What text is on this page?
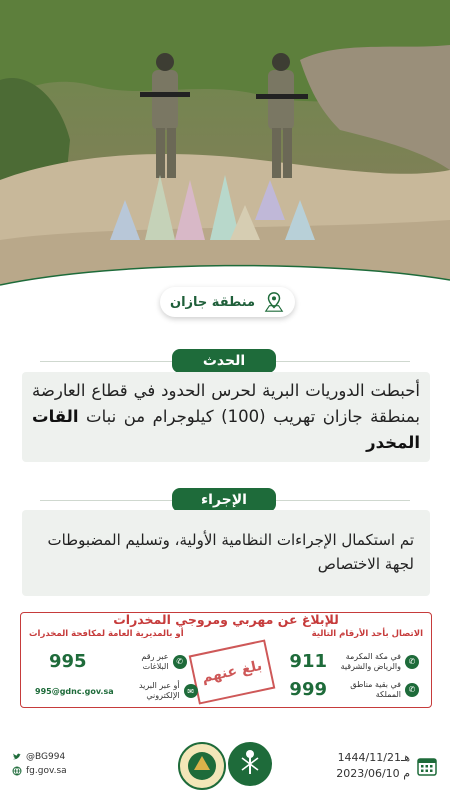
منطقة جازان
الحدث
أحبطت الدوريات البرية لحرس الحدود في قطاع العارضة بمنطقة جازان تهريب (100) كيلوجرام من نبات القات المخدر
الإجراء
تم استكمال الإجراءات النظامية الأولية، وتسليم المضبوطات لجهة الاختصاص
للإبلاغ عن مهربي ومروجي المخدرات
الاتصال بأحد الأرقام التالية
أو بالمديرية العامة لمكافحة المخدرات
911	في مكة المكرمة والرياض والشرقية ✆
999	في بقية مناطق المملكة ✆
بلغ عنهم
995	عبر رقم البلاغات ✆
995@gdnc.gov.sa
أو عبر البريد الإلكتروني ✉
@BG994
fg.gov.sa
1444/11/21هـ
2023/06/10 م
